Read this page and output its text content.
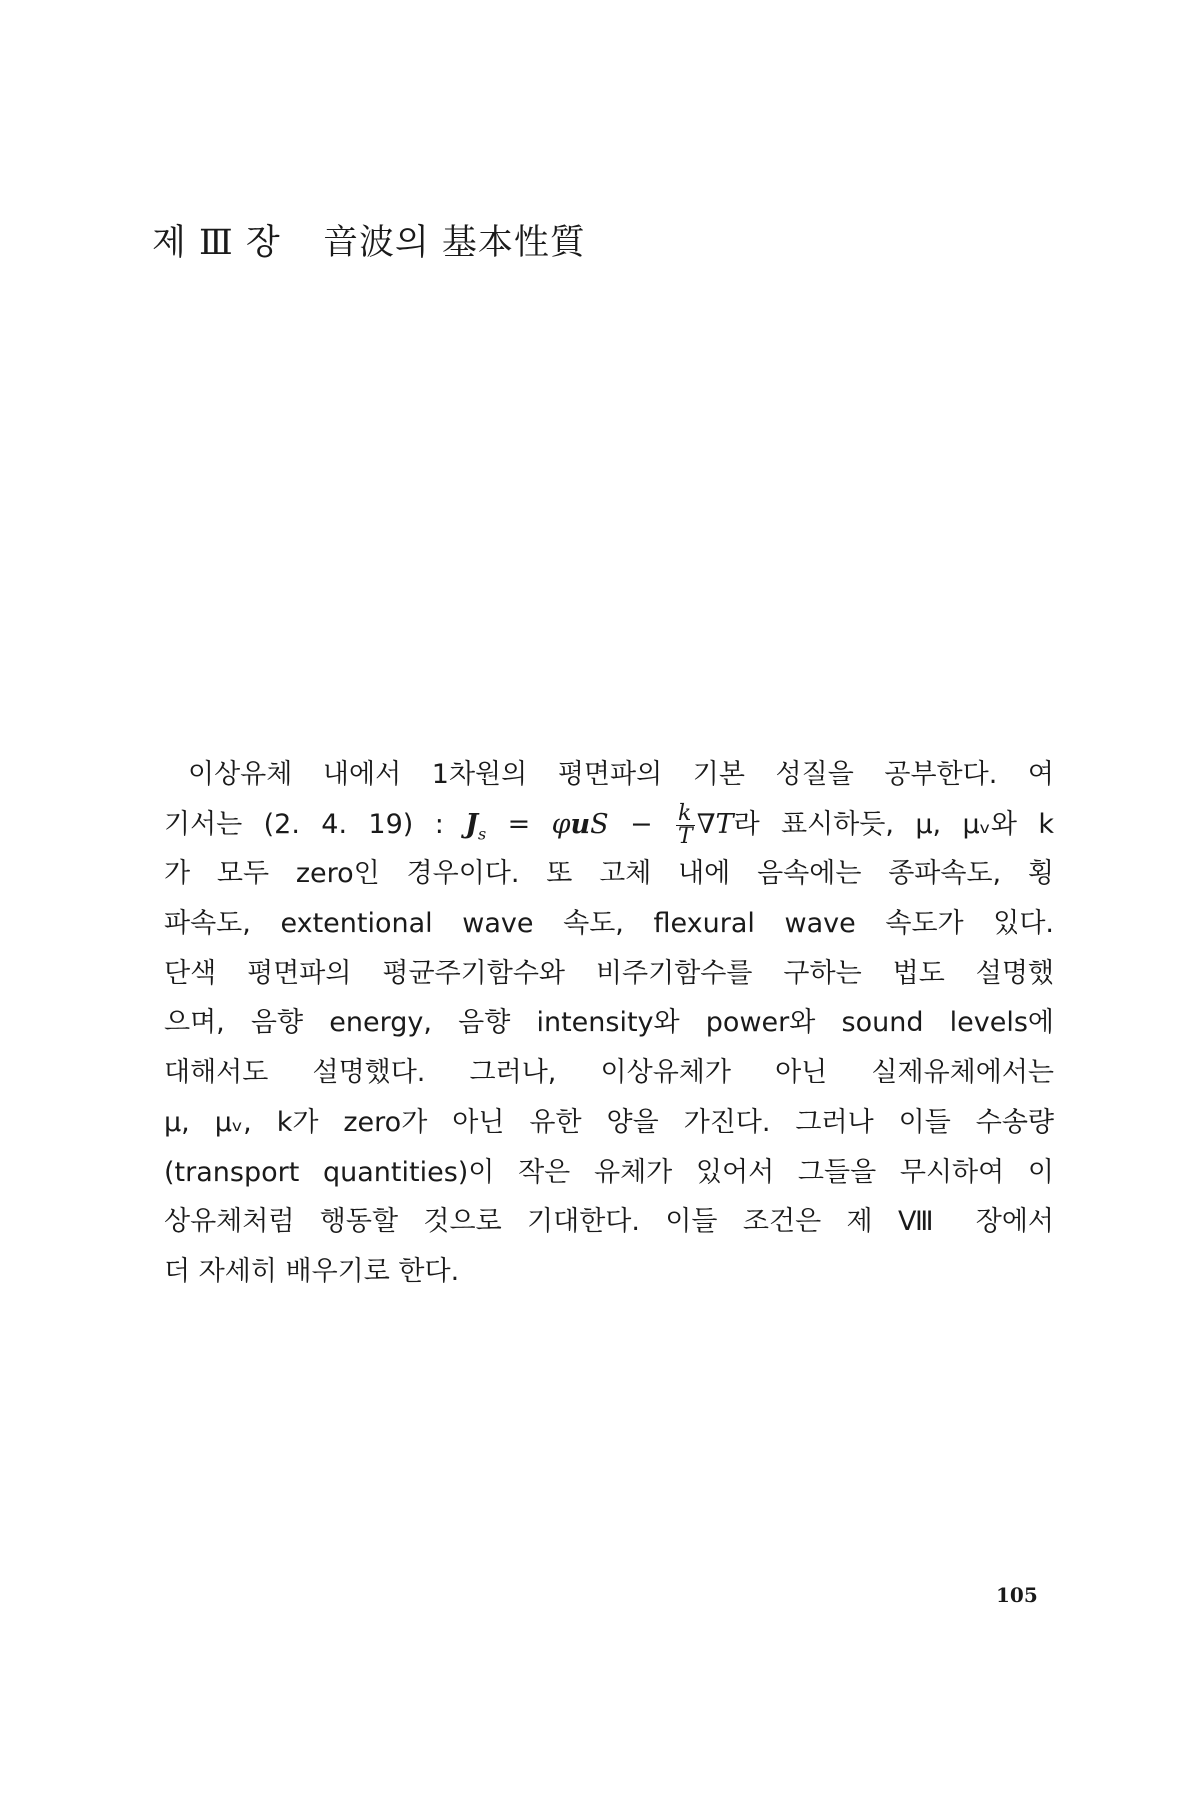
제 Ⅲ 장 音波의 基本性質
이상유체 내에서 1차원의 평면파의 기본 성질을 공부한다. 여
기서는 (2. 4. 19) : $J_s = \varphi uS - \frac{k}{T} \nabla T$라 표시하듯, μ, μᵥ와 k
가 모두 zero인 경우이다. 또 고체 내에 음속에는 종파속도, 횡
파속도, extentional wave 속도, flexural wave 속도가 있다.
단색 평면파의 평균주기함수와 비주기함수를 구하는 법도 설명했
으며, 음향 energy, 음향 intensity와 power와 sound levels에
대해서도 설명했다. 그러나, 이상유체가 아닌 실제유체에서는
μ, μᵥ, k가 zero가 아닌 유한 양을 가진다. 그러나 이들 수송량
(transport quantities)이 작은 유체가 있어서 그들을 무시하여 이
상유체처럼 행동할 것으로 기대한다. 이들 조건은 제 Ⅷ 장에서
더 자세히 배우기로 한다.
105
